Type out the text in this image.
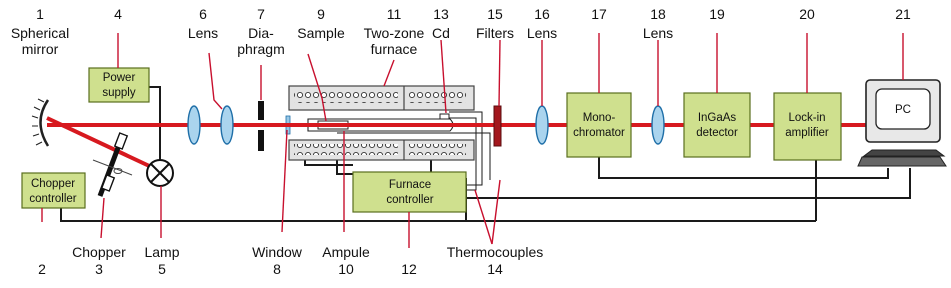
Power
supply
Chopper
controller
Furnace
controller
Mono-
chromator
InGaAs
detector
Lock-in
amplifier
PC
1
Spherical
mirror
4	6
Lens
7
Dia-
phragm
9
Sample
11
Two-zone
furnace
13
Cd
15
Filters
16
Lens
17	18
Lens
19	20	21
2
Chopper
3
Lamp
5
Window
8
Ampule
10	12
Thermocouples
14
